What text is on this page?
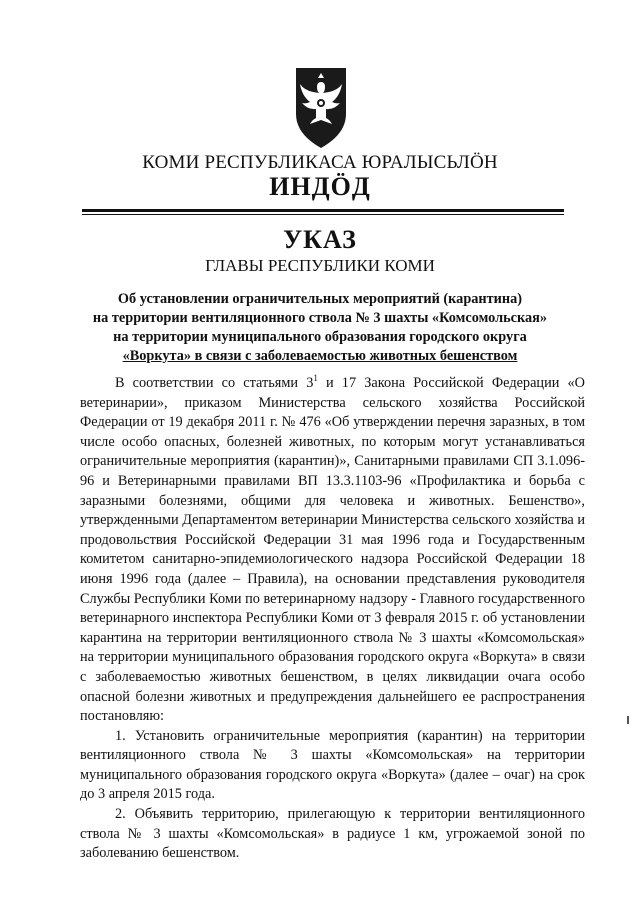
КОМИ РЕСПУБЛИКАСА ЮРАЛЫСЬЛӦН
ИНДӦД
УКАЗ
ГЛАВЫ РЕСПУБЛИКИ КОМИ
Об установлении ограничительных мероприятий (карантина)
на территории вентиляционного ствола № 3 шахты «Комсомольская»
на территории муниципального образования городского округа
«Воркута» в связи с заболеваемостью животных бешенством

В соответствии со статьями $3^1$ и 17 Закона Российской Федерации «О ветеринарии», приказом Министерства сельского хозяйства Российской Федерации от 19 декабря 2011 г. № 476 «Об утверждении перечня заразных, в том числе особо опасных, болезней животных, по которым могут устанавливаться ограничительные мероприятия (карантин)», Санитарными правилами СП 3.1.096-96 и Ветеринарными правилами ВП 13.3.1103-96 «Профилактика и борьба с заразными болезнями, общими для человека и животных. Бешенство», утвержденными Департаментом ветеринарии Министерства сельского хозяйства и продовольствия Российской Федерации 31 мая 1996 года и Государственным комитетом санитарно-эпидемиологического надзора Российской Федерации 18 июня 1996 года (далее – Правила), на основании представления руководителя Службы Республики Коми по ветеринарному надзору - Главного государственного ветеринарного инспектора Республики Коми от 3 февраля 2015 г. об установлении карантина на территории вентиляционного ствола № 3 шахты «Комсомольская» на территории муниципального образования городского округа «Воркута» в связи с заболеваемостью животных бешенством, в целях ликвидации очага особо опасной болезни животных и предупреждения дальнейшего ее распространения постановляю:

1. Установить ограничительные мероприятия (карантин) на территории вентиляционного ствола № 3 шахты «Комсомольская» на территории муниципального образования городского округа «Воркута» (далее – очаг) на срок до 3 апреля 2015 года.

2. Объявить территорию, прилегающую к территории вентиляционного ствола № 3 шахты «Комсомольская» в радиусе 1 км, угрожаемой зоной по заболеванию бешенством.
